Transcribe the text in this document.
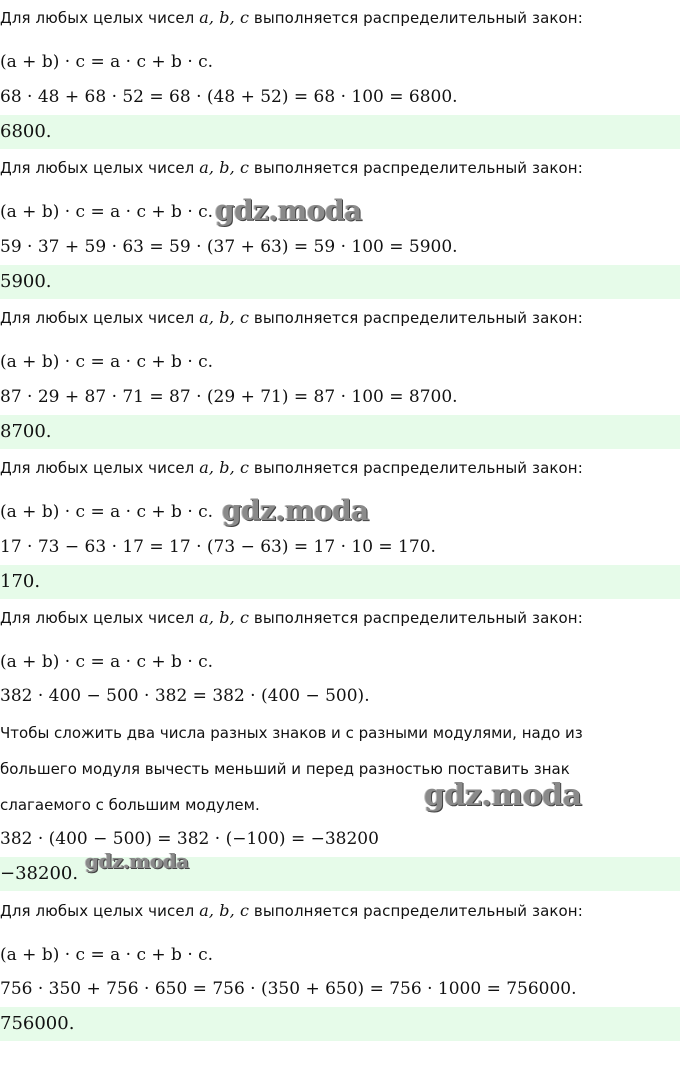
Для любых целых чисел a, b, c выполняется распределительный закон:
(a + b) · c = a · c + b · c.
68 · 48 + 68 · 52 = 68 · (48 + 52) = 68 · 100 = 6800.
6800.
Для любых целых чисел a, b, c выполняется распределительный закон:
(a + b) · c = a · c + b · c.
59 · 37 + 59 · 63 = 59 · (37 + 63) = 59 · 100 = 5900.
5900.
Для любых целых чисел a, b, c выполняется распределительный закон:
(a + b) · c = a · c + b · c.
87 · 29 + 87 · 71 = 87 · (29 + 71) = 87 · 100 = 8700.
8700.
Для любых целых чисел a, b, c выполняется распределительный закон:
(a + b) · c = a · c + b · c.
17 · 73 − 63 · 17 = 17 · (73 − 63) = 17 · 10 = 170.
170.
Для любых целых чисел a, b, c выполняется распределительный закон:
(a + b) · c = a · c + b · c.
382 · 400 − 500 · 382 = 382 · (400 − 500).
Чтобы сложить два числа разных знаков и с разными модулями, надо из
большего модуля вычесть меньший и перед разностью поставить знак
слагаемого с большим модулем.
382 · (400 − 500) = 382 · (−100) = −38200
−38200.
Для любых целых чисел a, b, c выполняется распределительный закон:
(a + b) · c = a · c + b · c.
756 · 350 + 756 · 650 = 756 · (350 + 650) = 756 · 1000 = 756000.
756000.
gdz.moda
gdz.moda
gdz.moda
gdz.moda
